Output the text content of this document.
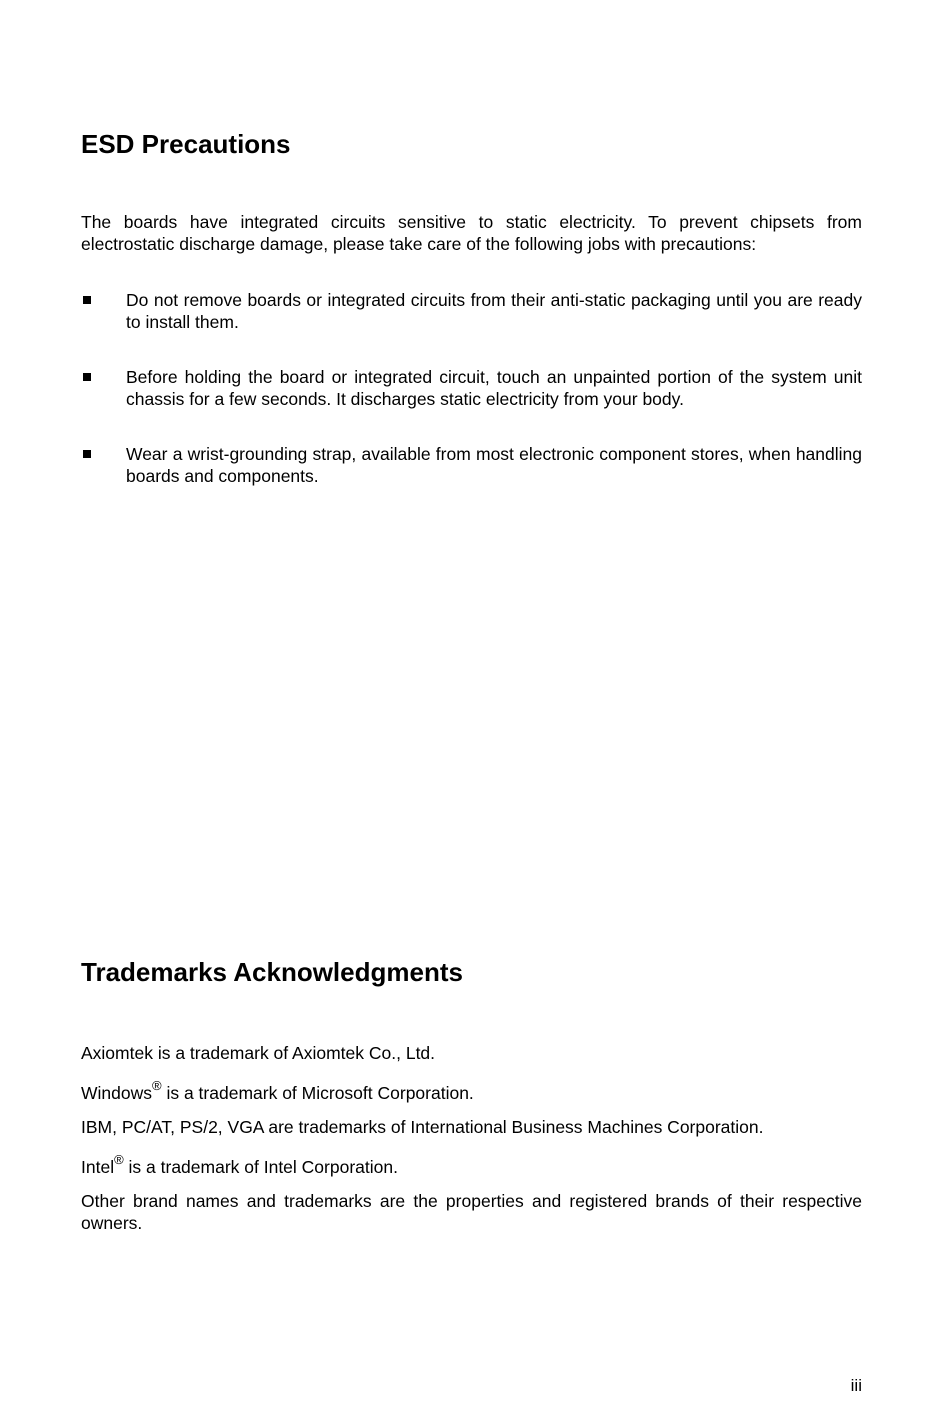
ESD Precautions

The boards have integrated circuits sensitive to static electricity. To prevent chipsets from electrostatic discharge damage, please take care of the following jobs with precautions:

Do not remove boards or integrated circuits from their anti-static packaging until you are ready to install them.
Before holding the board or integrated circuit, touch an unpainted portion of the system unit chassis for a few seconds. It discharges static electricity from your body.
Wear a wrist-grounding strap, available from most electronic component stores, when handling boards and components.
Trademarks Acknowledgments

Axiomtek is a trademark of Axiomtek Co., Ltd.

Windows® is a trademark of Microsoft Corporation.

IBM, PC/AT, PS/2, VGA are trademarks of International Business Machines Corporation.

Intel® is a trademark of Intel Corporation.

Other brand names and trademarks are the properties and registered brands of their respective owners.

iii
